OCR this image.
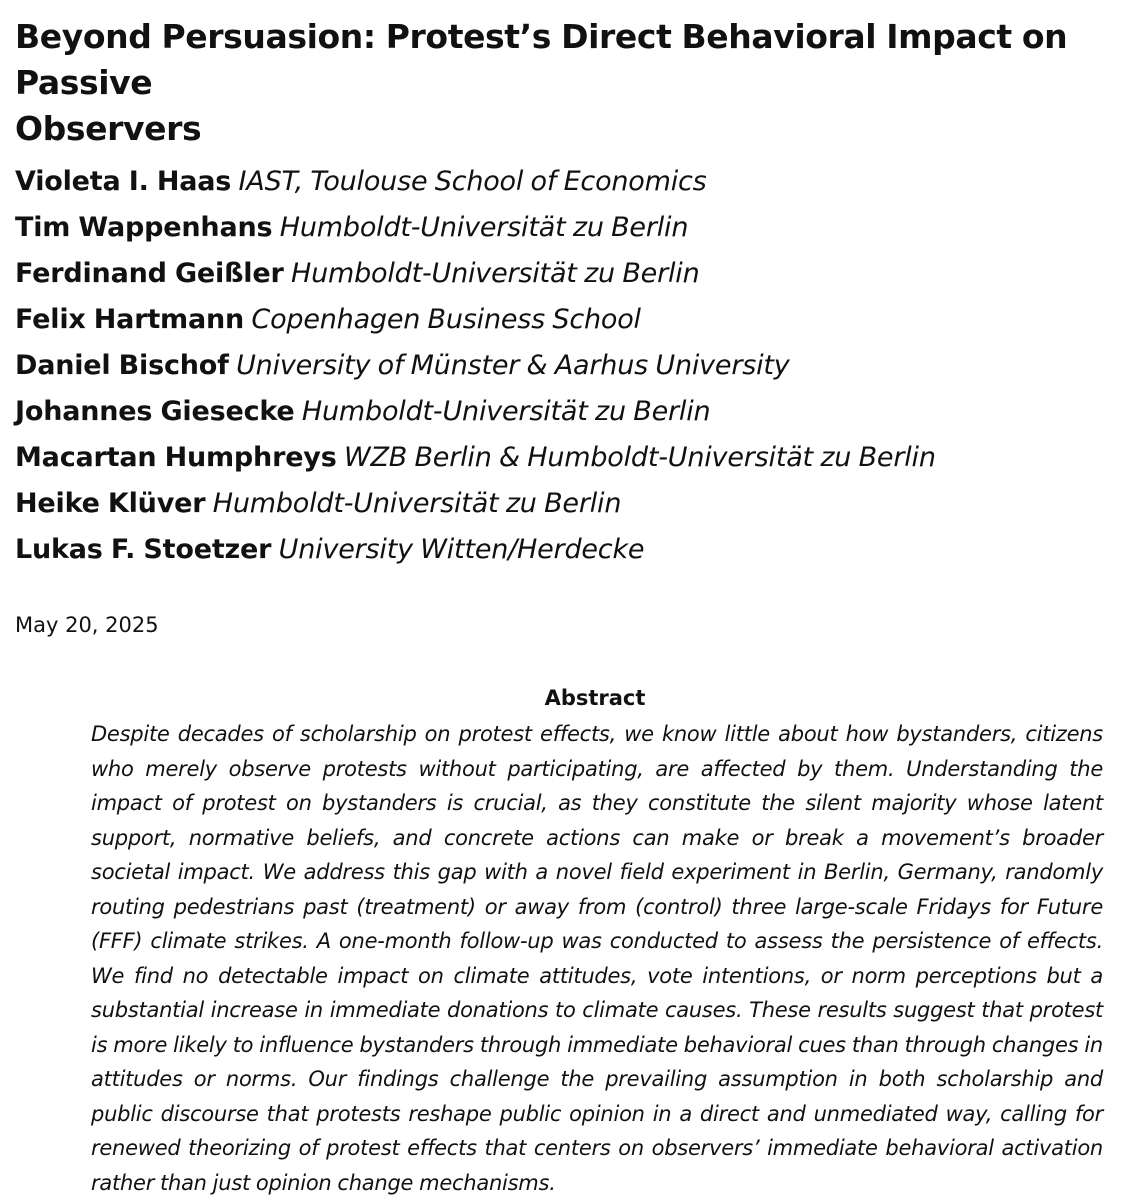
Beyond Persuasion: Protest’s Direct Behavioral Impact on Passive
Observers
Violeta I. Haas IAST, Toulouse School of Economics
Tim Wappenhans Humboldt-Universität zu Berlin
Ferdinand Geißler Humboldt-Universität zu Berlin
Felix Hartmann Copenhagen Business School
Daniel Bischof University of Münster & Aarhus University
Johannes Giesecke Humboldt-Universität zu Berlin
Macartan Humphreys WZB Berlin & Humboldt-Universität zu Berlin
Heike Klüver Humboldt-Universität zu Berlin
Lukas F. Stoetzer University Witten/Herdecke
May 20, 2025
Abstract

Despite decades of scholarship on protest effects, we know little about how bystanders, citizens who merely observe protests without participating, are affected by them. Understanding the impact of protest on bystanders is crucial, as they constitute the silent majority whose latent support, normative beliefs, and concrete actions can make or break a movement’s broader societal impact. We address this gap with a novel field experiment in Berlin, Germany, randomly routing pedestrians past (treatment) or away from (control) three large-scale Fridays for Future (FFF) climate strikes. A one-month follow-up was conducted to assess the persistence of effects. We find no detectable impact on climate attitudes, vote intentions, or norm perceptions but a substantial increase in immediate donations to climate causes. These results suggest that protest is more likely to influence bystanders through immediate behavioral cues than through changes in attitudes or norms. Our findings challenge the prevailing assumption in both scholarship and public discourse that protests reshape public opinion in a direct and unmediated way, calling for renewed theorizing of protest effects that centers on observers’ immediate behavioral activation rather than just opinion change mechanisms.
